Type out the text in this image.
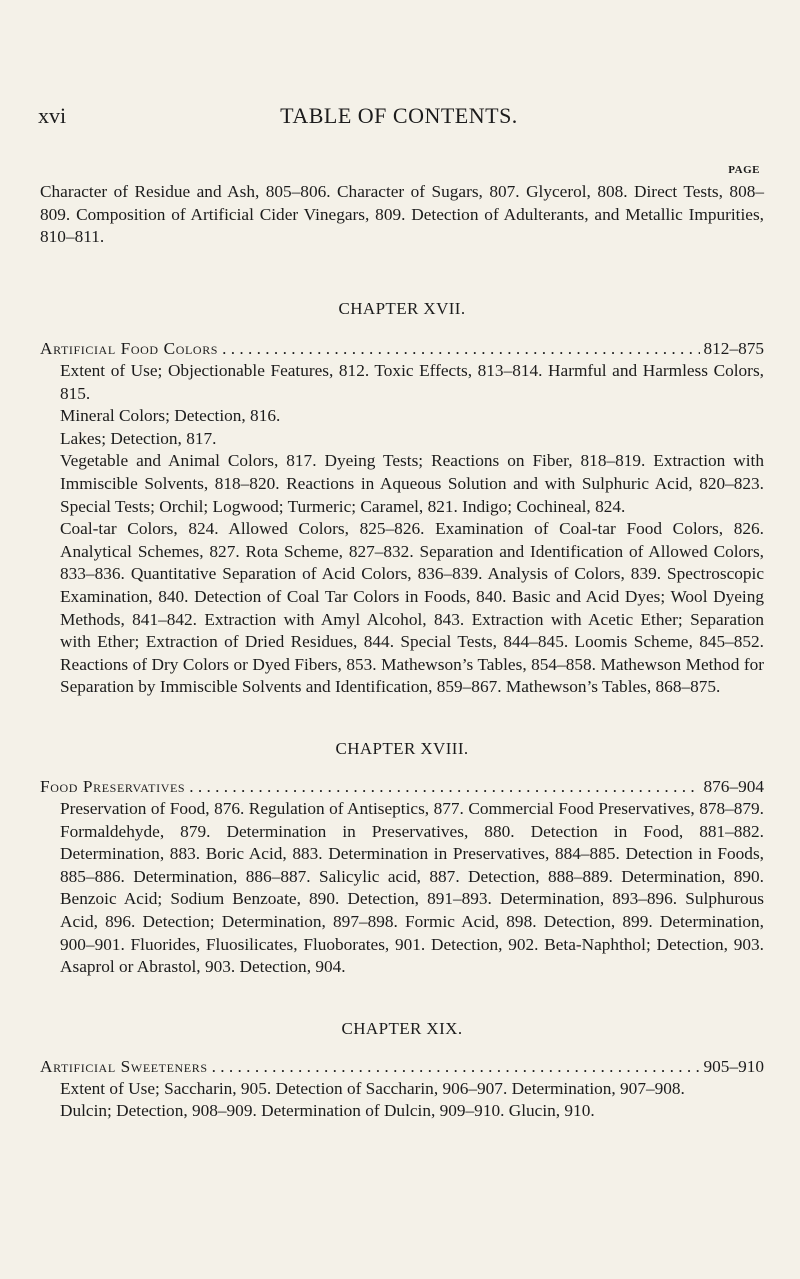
xvi	TABLE OF CONTENTS.
PAGE

Character of Residue and Ash, 805–806. Character of Sugars, 807. Glycerol, 808. Direct Tests, 808–809. Composition of Artificial Cider Vinegars, 809. Detection of Adulterants, and Metallic Impurities, 810–811.

CHAPTER XVII.

Artificial Food Colors . . .	812–875

Extent of Use; Objectionable Features, 812. Toxic Effects, 813–814. Harmful and Harmless Colors, 815.

Mineral Colors; Detection, 816.

Lakes; Detection, 817.

Vegetable and Animal Colors, 817. Dyeing Tests; Reactions on Fiber, 818–819. Extraction with Immiscible Solvents, 818–820. Reactions in Aqueous Solution and with Sulphuric Acid, 820–823. Special Tests; Orchil; Logwood; Turmeric; Caramel, 821. Indigo; Cochineal, 824.

Coal-tar Colors, 824. Allowed Colors, 825–826. Examination of Coal-tar Food Colors, 826. Analytical Schemes, 827. Rota Scheme, 827–832. Separation and Identification of Allowed Colors, 833–836. Quantitative Separation of Acid Colors, 836–839. Analysis of Colors, 839. Spectroscopic Examination, 840. Detection of Coal Tar Colors in Foods, 840. Basic and Acid Dyes; Wool Dyeing Methods, 841–842. Extraction with Amyl Alcohol, 843. Extraction with Acetic Ether; Separation with Ether; Extraction of Dried Residues, 844. Special Tests, 844–845. Loomis Scheme, 845–852. Reactions of Dry Colors or Dyed Fibers, 853. Mathewson’s Tables, 854–858. Mathewson Method for Separation by Immiscible Solvents and Identification, 859–867. Mathewson’s Tables, 868–875.

CHAPTER XVIII.

Food Preservatives . . .	876–904

Preservation of Food, 876. Regulation of Antiseptics, 877. Commercial Food Preservatives, 878–879. Formaldehyde, 879. Determination in Preservatives, 880. Detection in Food, 881–882. Determination, 883. Boric Acid, 883. Determination in Preservatives, 884–885. Detection in Foods, 885–886. Determination, 886–887. Salicylic acid, 887. Detection, 888–889. Determination, 890. Benzoic Acid; Sodium Benzoate, 890. Detection, 891–893. Determination, 893–896. Sulphurous Acid, 896. Detection; Determination, 897–898. Formic Acid, 898. Detection, 899. Determination, 900–901. Fluorides, Fluosilicates, Fluoborates, 901. Detection, 902. Beta-Naphthol; Detection, 903. Asaprol or Abrastol, 903. Detection, 904.

CHAPTER XIX.

Artificial Sweeteners . . .	905–910

Extent of Use; Saccharin, 905. Detection of Saccharin, 906–907. Determination, 907–908.

Dulcin; Detection, 908–909. Determination of Dulcin, 909–910. Glucin, 910.
